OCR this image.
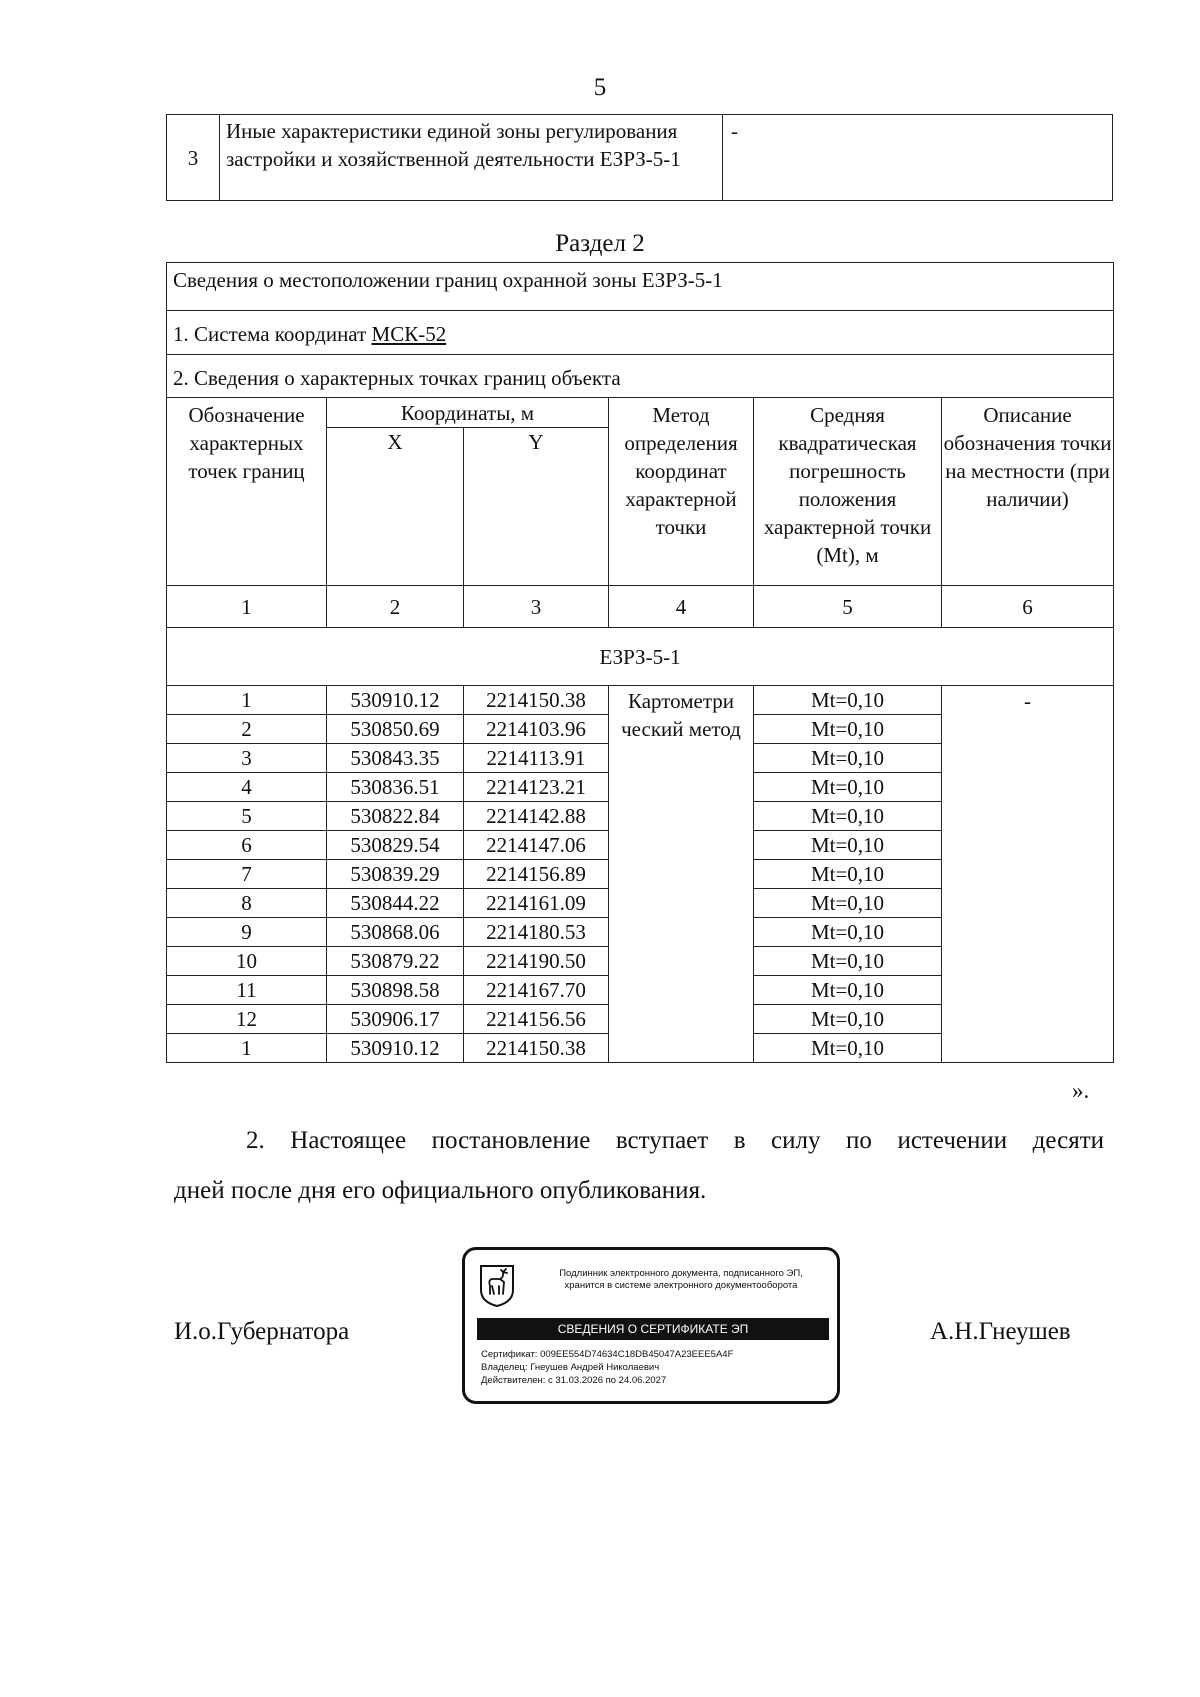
5
3	Иные характеристики единой зоны регулирования застройки и хозяйственной деятельности ЕЗРЗ-5-1	-
Раздел 2
Сведения о местоположении границ охранной зоны ЕЗРЗ-5-1					
1. Система координат МСК-52					
2. Сведения о характерных точках границ объекта					
Обозначение характерных точек границ	Координаты, м		Метод определения координат характерной точки	Средняя квадратическая погрешность положения характерной точки (Mt), м	Описание обозначения точки на местности (при наличии)
	X	Y			
1	2	3	4	5	6
ЕЗРЗ-5-1					
1	530910.12	2214150.38	Картометри ческий метод	Mt=0,10	-
2	530850.69	2214103.96		Mt=0,10	
3	530843.35	2214113.91		Mt=0,10	
4	530836.51	2214123.21		Mt=0,10	
5	530822.84	2214142.88		Mt=0,10	
6	530829.54	2214147.06		Mt=0,10	
7	530839.29	2214156.89		Mt=0,10	
8	530844.22	2214161.09		Mt=0,10	
9	530868.06	2214180.53		Mt=0,10	
10	530879.22	2214190.50		Mt=0,10	
11	530898.58	2214167.70		Mt=0,10	
12	530906.17	2214156.56		Mt=0,10	
1	530910.12	2214150.38		Mt=0,10	
».
2. Настоящее постановление вступает в силу по истечении десяти
дней после дня его официального опубликования.
И.о.Губернатора	А.Н.Гнеушев
Подлинник электронного документа, подписанного ЭП,
хранится в системе электронного документооборота
СВЕДЕНИЯ О СЕРТИФИКАТЕ ЭП
Сертификат: 009EE554D74634C18DB45047A23EEE5A4F
Владелец: Гнеушев Андрей Николаевич
Действителен: с 31.03.2026 по 24.06.2027
